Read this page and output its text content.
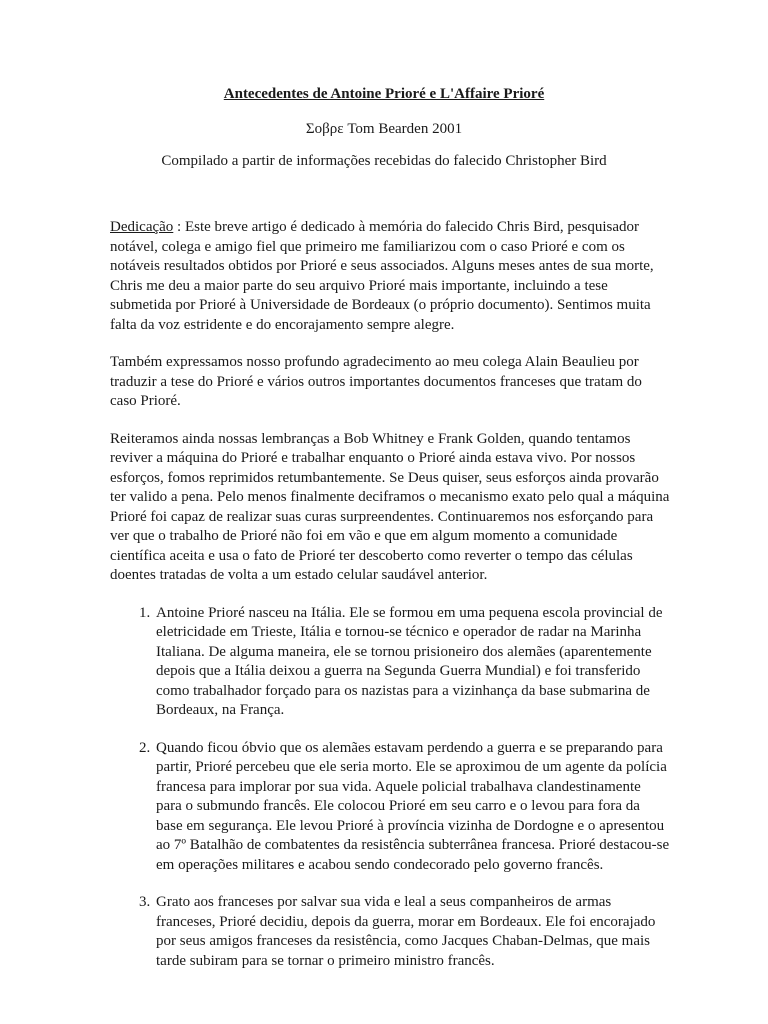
Antecedentes de Antoine Prioré e L'Affaire Prioré

Σοβρε Tom Bearden 2001

Compilado a partir de informações recebidas do falecido Christopher Bird

Dedicação : Este breve artigo é dedicado à memória do falecido Chris Bird, pesquisador notável, colega e amigo fiel que primeiro me familiarizou com o caso Prioré e com os notáveis resultados obtidos por Prioré e seus associados. Alguns meses antes de sua morte, Chris me deu a maior parte do seu arquivo Prioré mais importante, incluindo a tese submetida por Prioré à Universidade de Bordeaux (o próprio documento). Sentimos muita falta da voz estridente e do encorajamento sempre alegre.

Também expressamos nosso profundo agradecimento ao meu colega Alain Beaulieu por traduzir a tese do Prioré e vários outros importantes documentos franceses que tratam do caso Prioré.

Reiteramos ainda nossas lembranças a Bob Whitney e Frank Golden, quando tentamos reviver a máquina do Prioré e trabalhar enquanto o Prioré ainda estava vivo. Por nossos esforços, fomos reprimidos retumbantemente. Se Deus quiser, seus esforços ainda provarão ter valido a pena. Pelo menos finalmente deciframos o mecanismo exato pelo qual a máquina Prioré foi capaz de realizar suas curas surpreendentes. Continuaremos nos esforçando para ver que o trabalho de Prioré não foi em vão e que em algum momento a comunidade científica aceita e usa o fato de Prioré ter descoberto como reverter o tempo das células doentes tratadas de volta a um estado celular saudável anterior.

1. Antoine Prioré nasceu na Itália. Ele se formou em uma pequena escola provincial de eletricidade em Trieste, Itália e tornou-se técnico e operador de radar na Marinha Italiana. De alguma maneira, ele se tornou prisioneiro dos alemães (aparentemente depois que a Itália deixou a guerra na Segunda Guerra Mundial) e foi transferido como trabalhador forçado para os nazistas para a vizinhança da base submarina de Bordeaux, na França.
2. Quando ficou óbvio que os alemães estavam perdendo a guerra e se preparando para partir, Prioré percebeu que ele seria morto. Ele se aproximou de um agente da polícia francesa para implorar por sua vida. Aquele policial trabalhava clandestinamente para o submundo francês. Ele colocou Prioré em seu carro e o levou para fora da base em segurança. Ele levou Prioré à província vizinha de Dordogne e o apresentou ao 7º Batalhão de combatentes da resistência subterrânea francesa. Prioré destacou-se em operações militares e acabou sendo condecorado pelo governo francês.
3. Grato aos franceses por salvar sua vida e leal a seus companheiros de armas franceses, Prioré decidiu, depois da guerra, morar em Bordeaux. Ele foi encorajado por seus amigos franceses da resistência, como Jacques Chaban-Delmas, que mais tarde subiram para se tornar o primeiro ministro francês.
